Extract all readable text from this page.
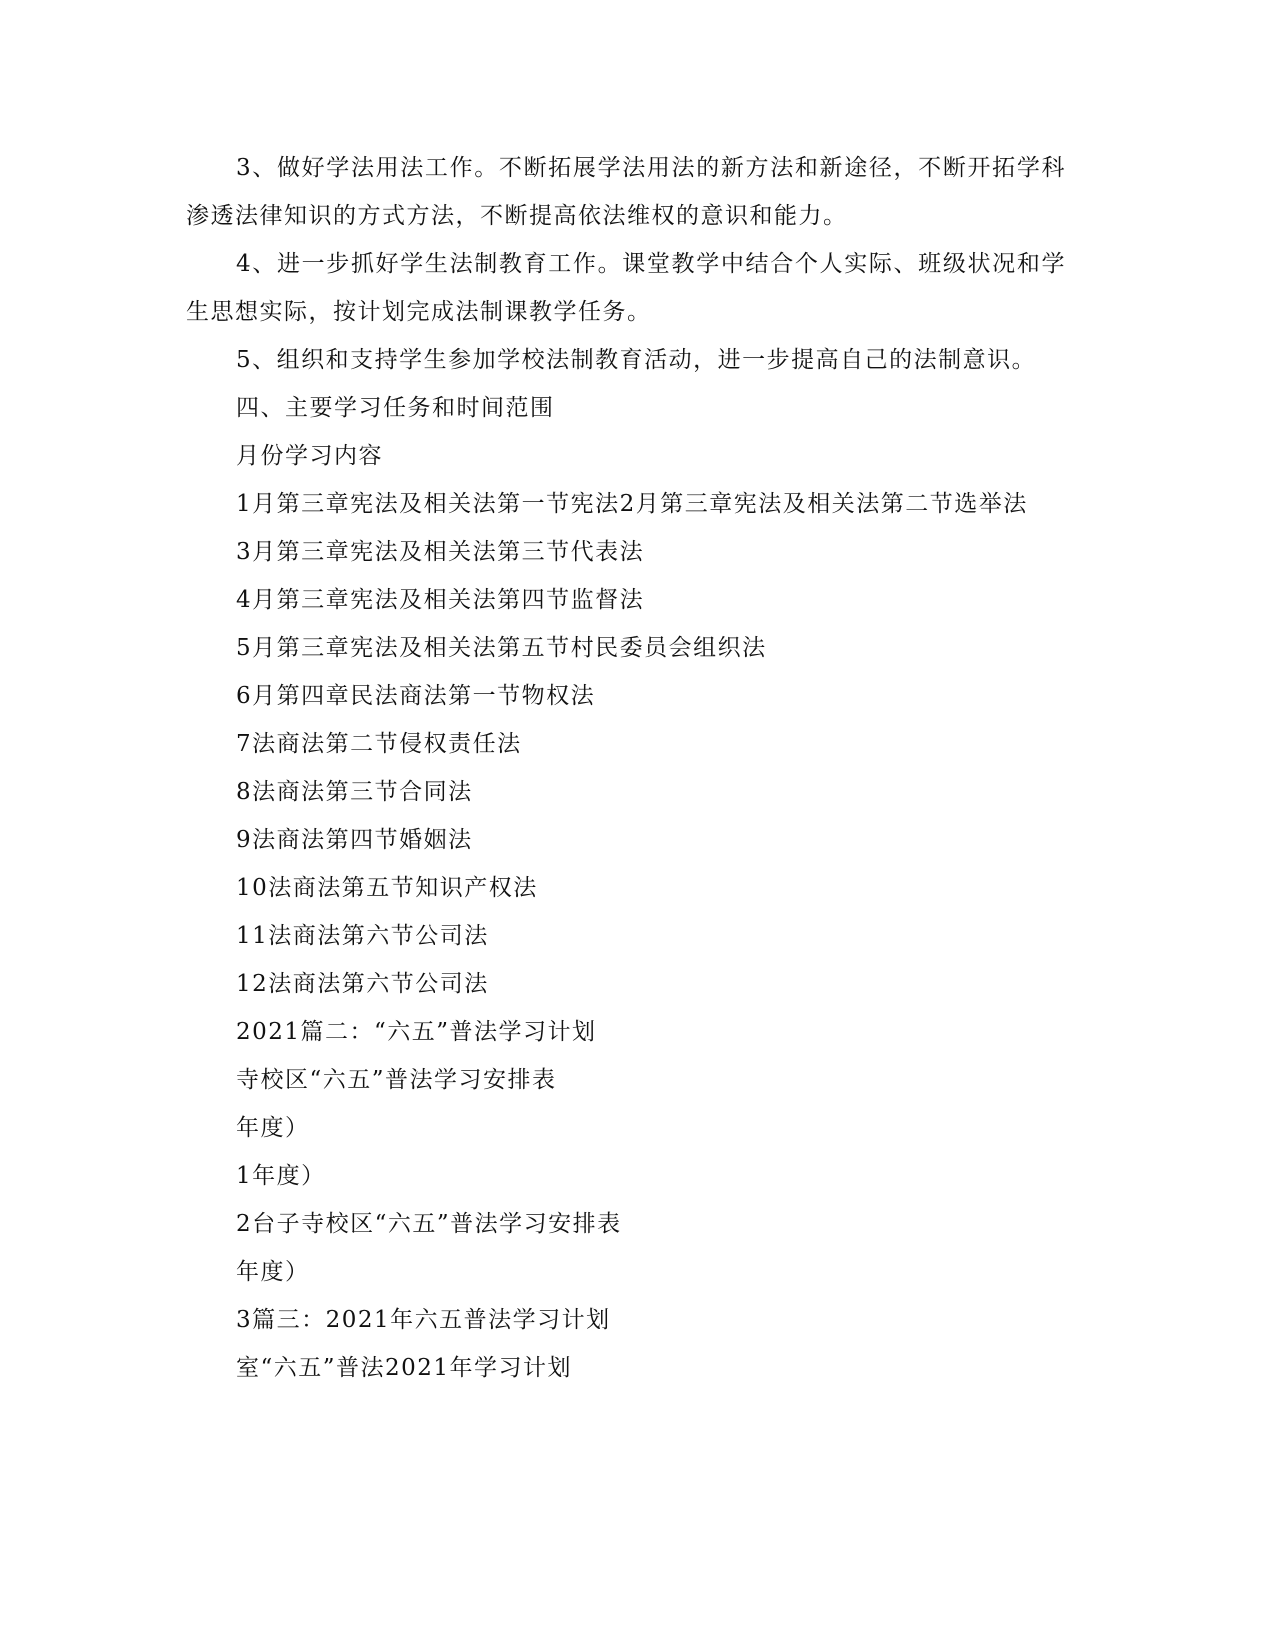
3、做好学法用法工作。不断拓展学法用法的新方法和新途径，不断开拓学科渗透法律知识的方式方法，不断提高依法维权的意识和能力。

4、进一步抓好学生法制教育工作。课堂教学中结合个人实际、班级状况和学生思想实际，按计划完成法制课教学任务。

5、组织和支持学生参加学校法制教育活动，进一步提高自己的法制意识。

四、主要学习任务和时间范围

月份学习内容

1月第三章宪法及相关法第一节宪法2月第三章宪法及相关法第二节选举法

3月第三章宪法及相关法第三节代表法

4月第三章宪法及相关法第四节监督法

5月第三章宪法及相关法第五节村民委员会组织法

6月第四章民法商法第一节物权法

7法商法第二节侵权责任法

8法商法第三节合同法

9法商法第四节婚姻法

10法商法第五节知识产权法

11法商法第六节公司法

12法商法第六节公司法

2021篇二：“六五”普法学习计划

寺校区“六五”普法学习安排表

年度）

1年度）

2台子寺校区“六五”普法学习安排表

年度）

3篇三：2021年六五普法学习计划

室“六五”普法2021年学习计划
